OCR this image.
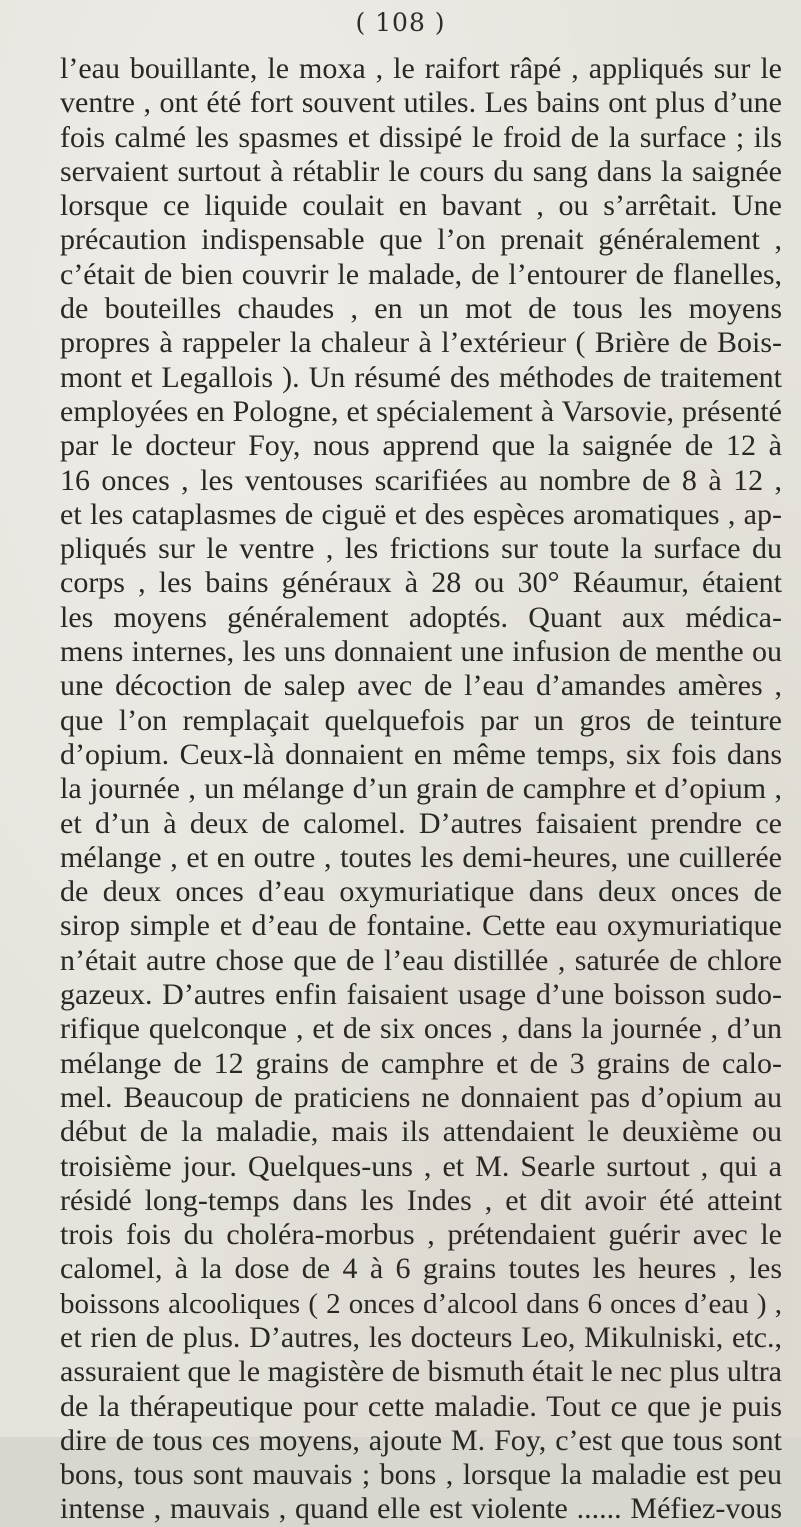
( 108 )
l’eau bouillante, le moxa , le raifort râpé , appliqués sur le
ventre , ont été fort souvent utiles. Les bains ont plus d’une
fois calmé les spasmes et dissipé le froid de la surface ; ils
servaient surtout à rétablir le cours du sang dans la saignée
lorsque ce liquide coulait en bavant , ou s’arrêtait. Une
précaution indispensable que l’on prenait généralement ,
c’était de bien couvrir le malade, de l’entourer de flanelles,
de bouteilles chaudes , en un mot de tous les moyens
propres à rappeler la chaleur à l’extérieur ( Brière de Bois-
mont et Legallois ). Un résumé des méthodes de traitement
employées en Pologne, et spécialement à Varsovie, présenté
par le docteur Foy, nous apprend que la saignée de 12 à
16 onces , les ventouses scarifiées au nombre de 8 à 12 ,
et les cataplasmes de ciguë et des espèces aromatiques , ap-
pliqués sur le ventre , les frictions sur toute la surface du
corps , les bains généraux à 28 ou 30° Réaumur, étaient
les moyens généralement adoptés. Quant aux médica-
mens internes, les uns donnaient une infusion de menthe ou
une décoction de salep avec de l’eau d’amandes amères ,
que l’on remplaçait quelquefois par un gros de teinture
d’opium. Ceux-là donnaient en même temps, six fois dans
la journée , un mélange d’un grain de camphre et d’opium ,
et d’un à deux de calomel. D’autres faisaient prendre ce
mélange , et en outre , toutes les demi-heures, une cuillerée
de deux onces d’eau oxymuriatique dans deux onces de
sirop simple et d’eau de fontaine. Cette eau oxymuriatique
n’était autre chose que de l’eau distillée , saturée de chlore
gazeux. D’autres enfin faisaient usage d’une boisson sudo-
rifique quelconque , et de six onces , dans la journée , d’un
mélange de 12 grains de camphre et de 3 grains de calo-
mel. Beaucoup de praticiens ne donnaient pas d’opium au
début de la maladie, mais ils attendaient le deuxième ou
troisième jour. Quelques-uns , et M. Searle surtout , qui a
résidé long-temps dans les Indes , et dit avoir été atteint
trois fois du choléra-morbus , prétendaient guérir avec le
calomel, à la dose de 4 à 6 grains toutes les heures , les
boissons alcooliques ( 2 onces d’alcool dans 6 onces d’eau ) ,
et rien de plus. D’autres, les docteurs Leo, Mikulniski, etc.,
assuraient que le magistère de bismuth était le nec plus ultra
de la thérapeutique pour cette maladie. Tout ce que je puis
dire de tous ces moyens, ajoute M. Foy, c’est que tous sont
bons, tous sont mauvais ; bons , lorsque la maladie est peu
intense , mauvais , quand elle est violente ...... Méfiez-vous
